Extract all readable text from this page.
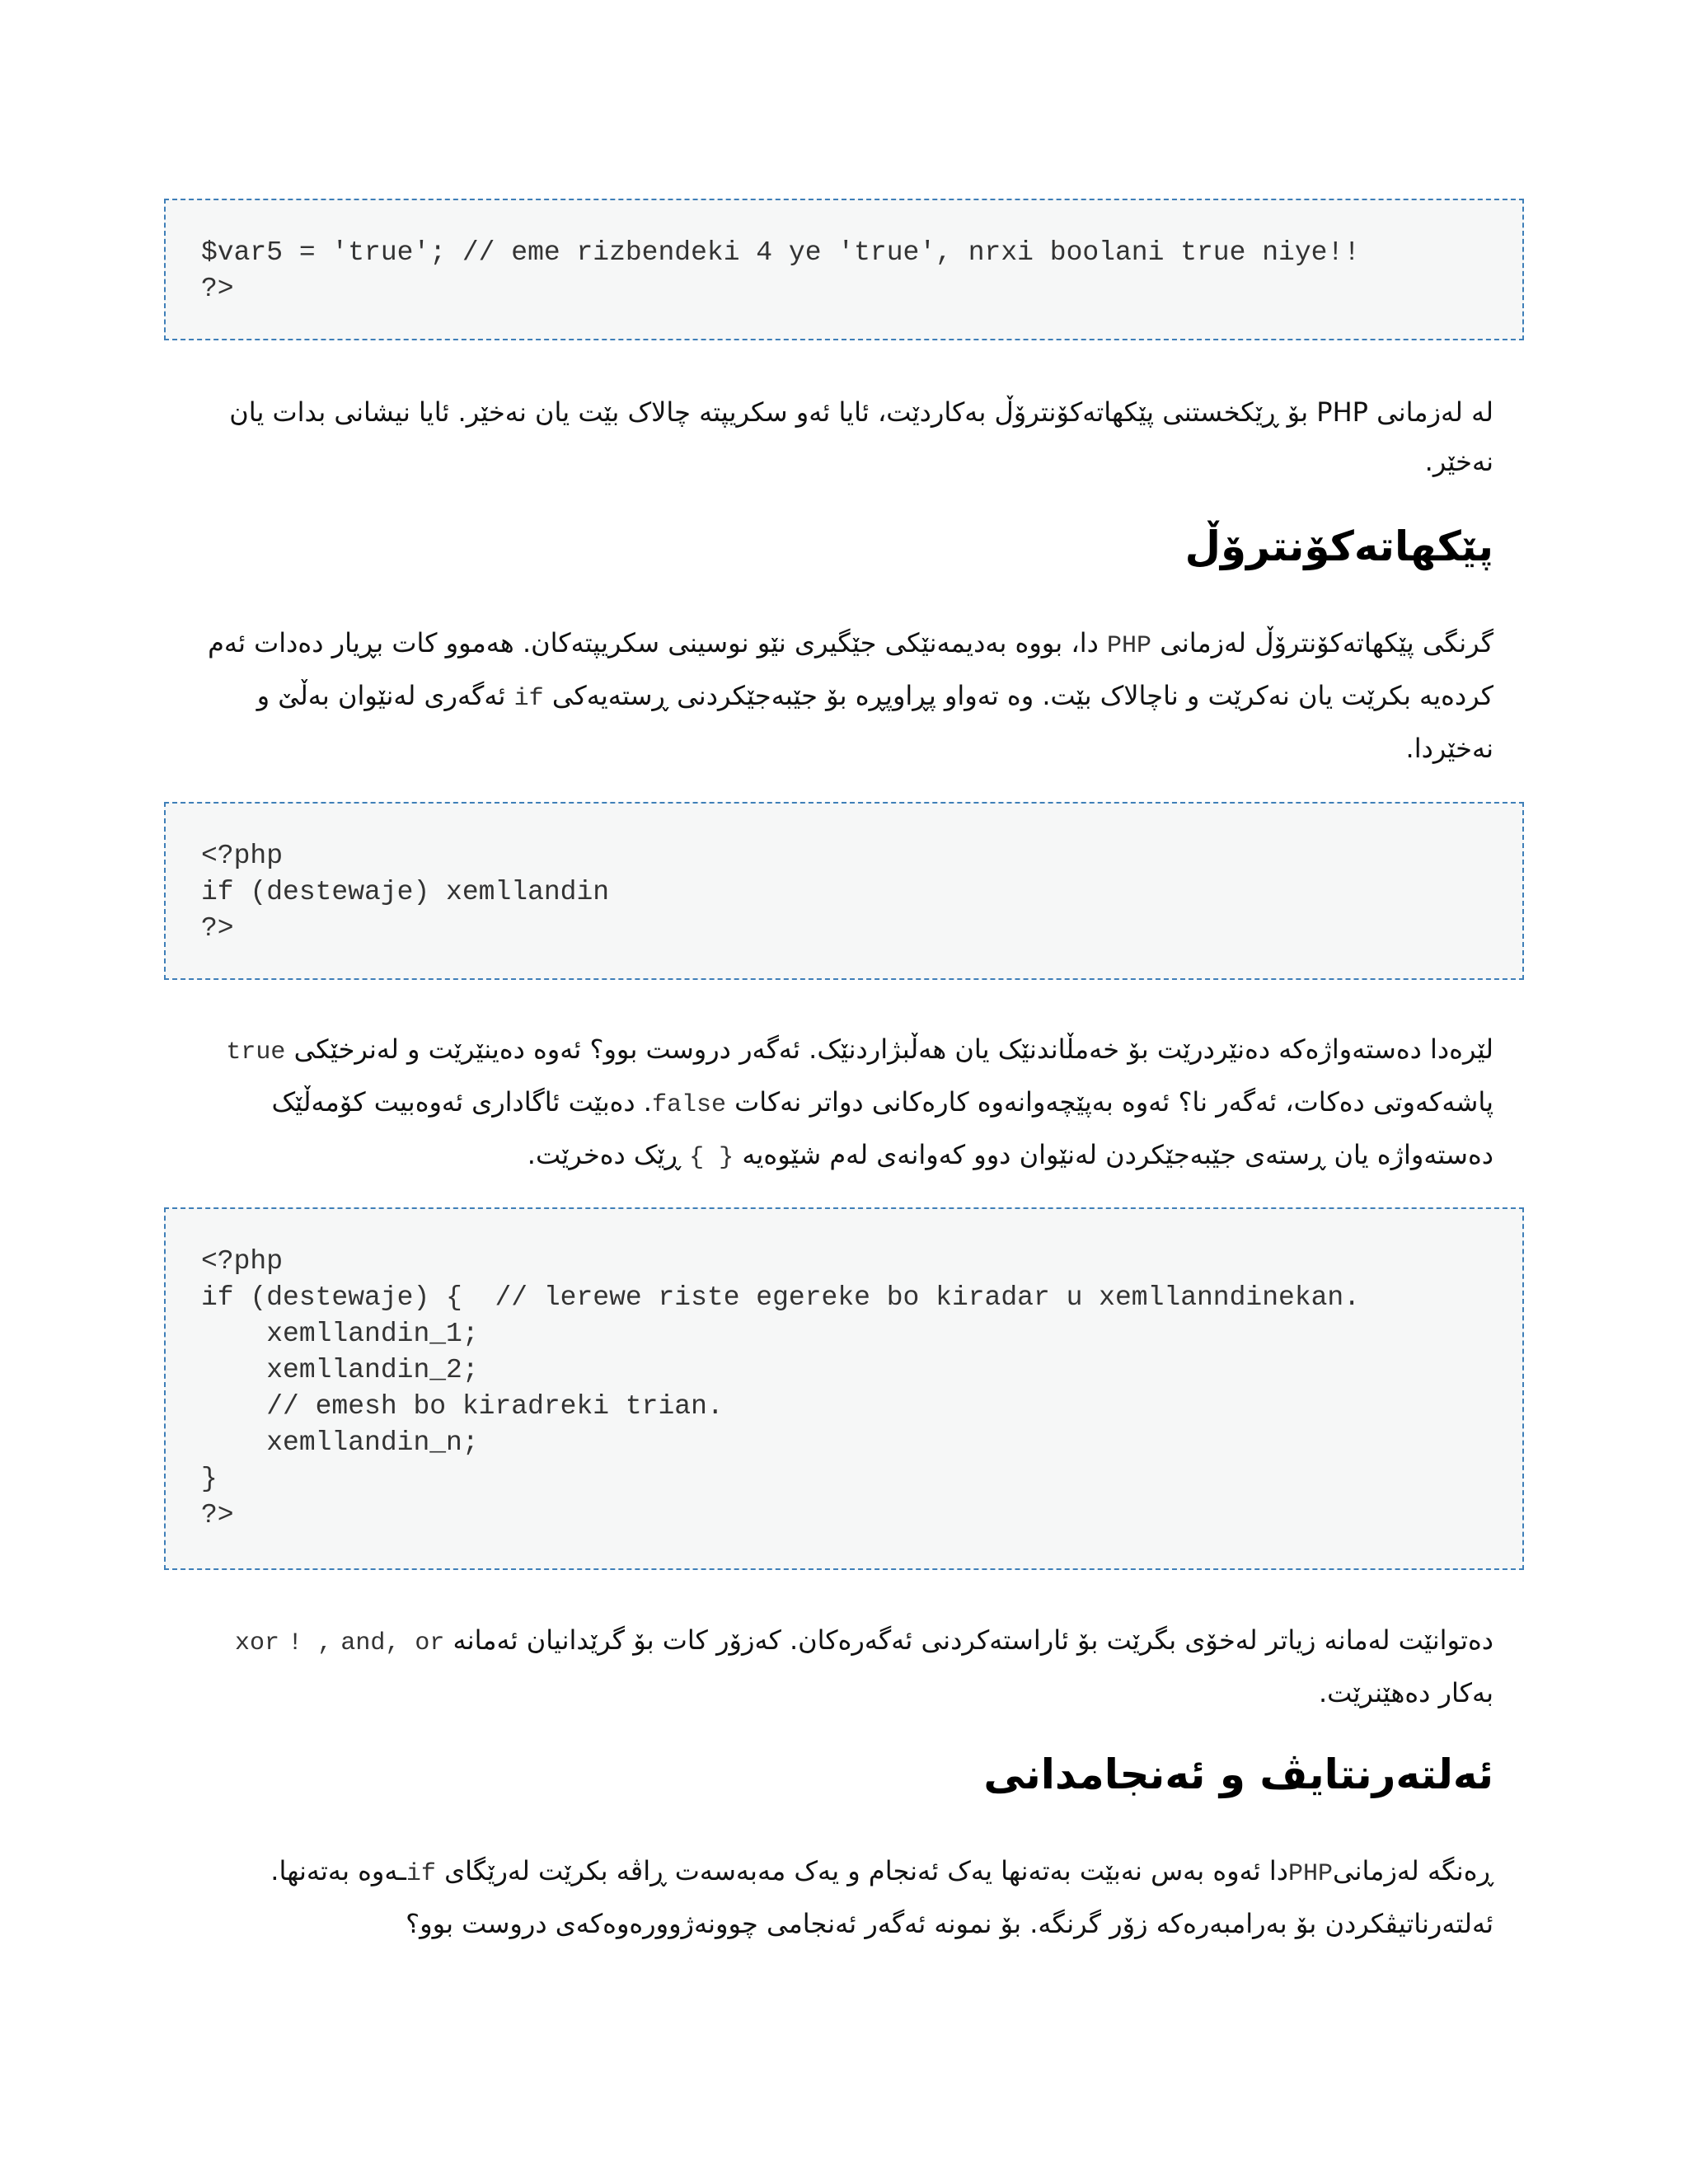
$var5 = 'true'; // eme rizbendeki 4 ye 'true', nrxi boolani true niye!!
?>

لە لەزمانی PHP بۆ ڕێکخستنی پێکهاتەکۆنترۆڵ بەکاردێت، ئایا ئەو سکریپتە چالاک بێت یان نەخێر. ئایا نیشانی بدات یان نەخێر.

پێکهاتەکۆنترۆڵ

گرنگی پێکهاتەکۆنترۆڵ لەزمانی PHP دا، بووە بەدیمەنێکی جێگیری نێو نوسینی سکریپتەکان. هەموو کات بڕیار دەدات ئەم کردەیە بکرێت یان نەکرێت و ناچالاک بێت. وە تەواو پڕاوپڕە بۆ جێبەجێکردنی ڕستەیەکی if ئەگەری لەنێوان بەڵێ و نەخێردا.

<?php
if (destewaje) xemllandin
?>

لێرەدا دەستەواژەکە دەنێردرێت بۆ خەمڵاندنێک یان هەڵبژاردنێک. ئەگەر دروست بوو؟ ئەوە دەینێرێت و لەنرخێکی true پاشەکەوتی دەکات، ئەگەر نا؟ ئەوە بەپێچەوانەوە کارەکانی دواتر نەکات false. دەبێت ئاگاداری ئەوەبیت کۆمەڵێک دەستەواژە یان ڕستەی جێبەجێکردن لەنێوان دوو کەوانەی لەم شێوەیە { } ڕێک دەخرێت.

<?php
if (destewaje) {  // lerewe riste egereke bo kiradar u xemllanndinekan.
xemllandin_1;
xemllandin_2;
// emesh bo kiradreki trian.
xemllandin_n;
}
?>

دەتوانێت لەمانە زیاتر لەخۆی بگرێت بۆ ئاراستەکردنی ئەگەرەکان. کەزۆر کات بۆ گرێدانیان ئەمانە and, or ! , xor بەکار دەهێنرێت.

ئەلتەرنتایڤ و ئەنجامدانی

ڕەنگە لەزمانیPHPدا ئەوە بەس نەبێت بەتەنها یەک ئەنجام و یەک مەبەسەت ڕاڤە بکرێت لەرێگای ifـەوە بەتەنها. ئەلتەرناتیڤکردن بۆ بەرامبەرەکە زۆر گرنگە. بۆ نمونە ئەگەر ئەنجامی چوونەژوورەوەکەی دروست بوو؟
